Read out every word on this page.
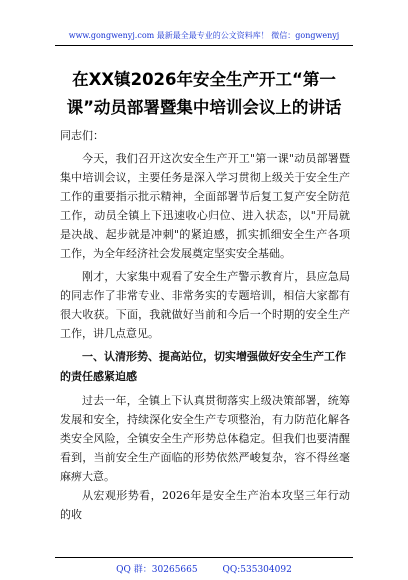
www.gongwenyj.com 最新最全最专业的公文资料库！ 微信：gongwenyj
在XX镇2026年安全生产开工“第一课”动员部署暨集中培训会议上的讲话

同志们：

今天，我们召开这次安全生产开工"第一课"动员部署暨集中培训会议，主要任务是深入学习贯彻上级关于安全生产工作的重要指示批示精神，全面部署节后复工复产安全防范工作，动员全镇上下迅速收心归位、进入状态，以"开局就是决战、起步就是冲刺"的紧迫感，抓实抓细安全生产各项工作，为全年经济社会发展奠定坚实安全基础。

刚才，大家集中观看了安全生产警示教育片，县应急局的同志作了非常专业、非常务实的专题培训，相信大家都有很大收获。下面，我就做好当前和今后一个时期的安全生产工作，讲几点意见。

一、认清形势、提高站位，切实增强做好安全生产工作的责任感紧迫感

过去一年，全镇上下认真贯彻落实上级决策部署，统筹发展和安全，持续深化安全生产专项整治，有力防范化解各类安全风险，全镇安全生产形势总体稳定。但我们也要清醒看到，当前安全生产面临的形势依然严峻复杂，容不得丝毫麻痹大意。

从宏观形势看，2026年是安全生产治本攻坚三年行动的收

QQ 群：30265665	QQ:535304092
